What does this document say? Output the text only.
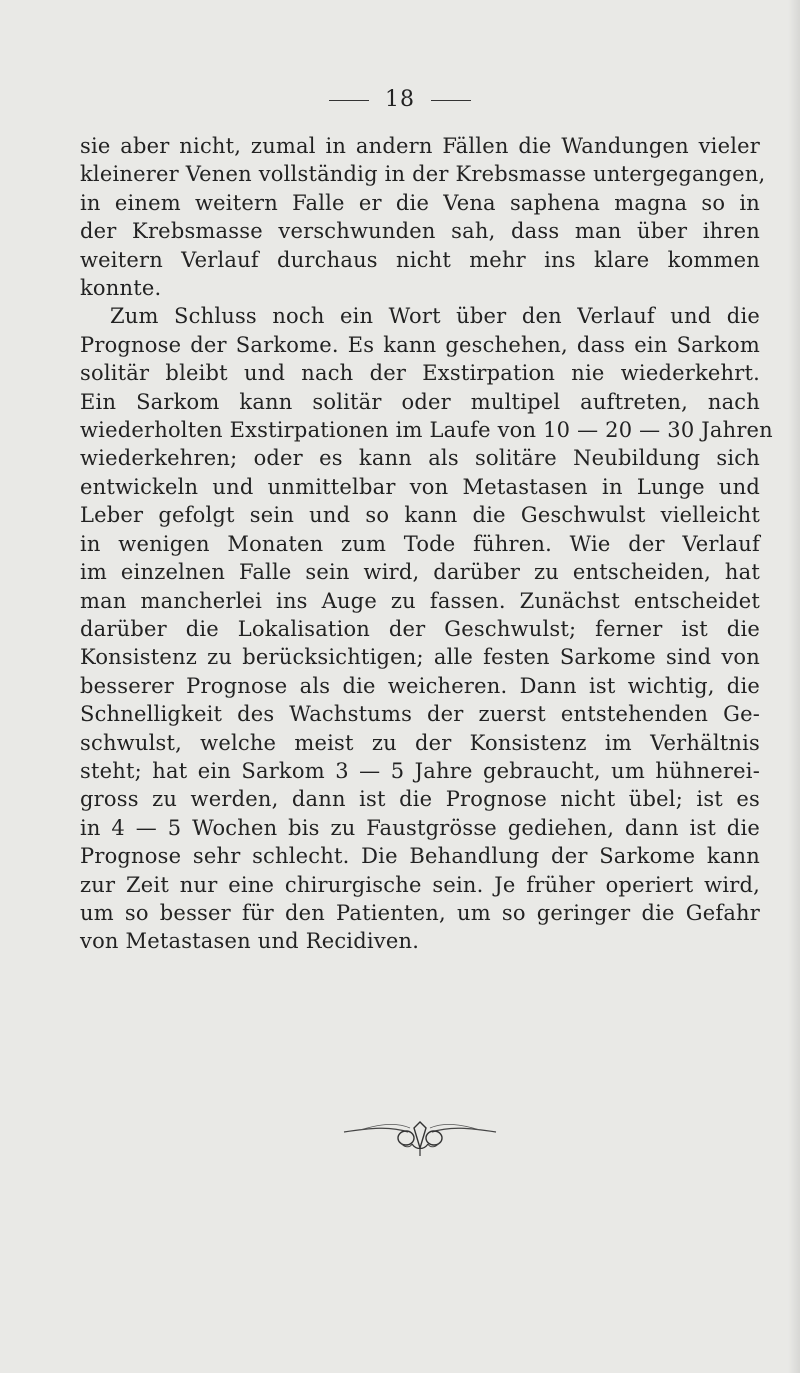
18
sie aber nicht, zumal in andern Fällen die Wandungen vieler
kleinerer Venen vollständig in der Krebsmasse untergegangen,
in einem weitern Falle er die Vena saphena magna so in
der Krebsmasse verschwunden sah, dass man über ihren
weitern Verlauf durchaus nicht mehr ins klare kommen
konnte.
Zum Schluss noch ein Wort über den Verlauf und die
Prognose der Sarkome. Es kann geschehen, dass ein Sarkom
solitär bleibt und nach der Exstirpation nie wiederkehrt.
Ein Sarkom kann solitär oder multipel auftreten, nach
wiederholten Exstirpationen im Laufe von 10 — 20 — 30 Jahren
wiederkehren; oder es kann als solitäre Neubildung sich
entwickeln und unmittelbar von Metastasen in Lunge und
Leber gefolgt sein und so kann die Geschwulst vielleicht
in wenigen Monaten zum Tode führen. Wie der Verlauf
im einzelnen Falle sein wird, darüber zu entscheiden, hat
man mancherlei ins Auge zu fassen. Zunächst entscheidet
darüber die Lokalisation der Geschwulst; ferner ist die
Konsistenz zu berücksichtigen; alle festen Sarkome sind von
besserer Prognose als die weicheren. Dann ist wichtig, die
Schnelligkeit des Wachstums der zuerst entstehenden Ge-
schwulst, welche meist zu der Konsistenz im Verhältnis
steht; hat ein Sarkom 3 — 5 Jahre gebraucht, um hühnerei-
gross zu werden, dann ist die Prognose nicht übel; ist es
in 4 — 5 Wochen bis zu Faustgrösse gediehen, dann ist die
Prognose sehr schlecht. Die Behandlung der Sarkome kann
zur Zeit nur eine chirurgische sein. Je früher operiert wird,
um so besser für den Patienten, um so geringer die Gefahr
von Metastasen und Recidiven.
